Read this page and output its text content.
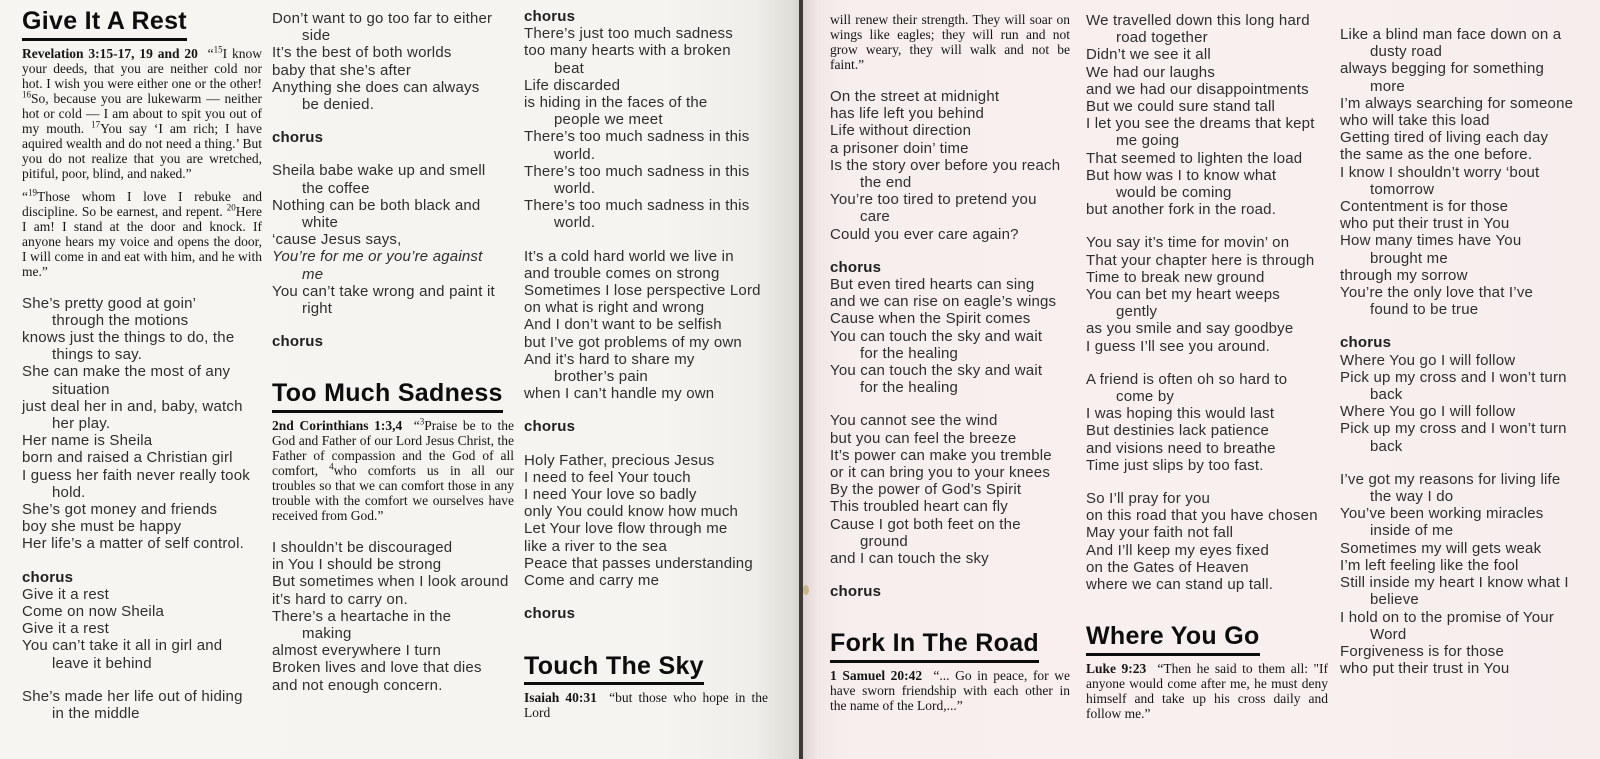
Give It A Rest

Revelation 3:15-17, 19 and 20 “$^{15}$I know your deeds, that you are neither cold nor hot. I wish you were either one or the other! $^{16}$So, because you are lukewarm — neither hot or cold — I am about to spit you out of my mouth. $^{17}$You say ‘I am rich; I have aquired wealth and do not need a thing.’ But you do not realize that you are wretched, pitiful, poor, blind, and naked.”

“$^{19}$Those whom I love I rebuke and discipline. So be earnest, and repent. $^{20}$Here I am! I stand at the door and knock. If anyone hears my voice and opens the door, I will come in and eat with him, and he with me.”

She’s pretty good at goin’
through the motions
knows just the things to do, the
things to say.
She can make the most of any
situation
just deal her in and, baby, watch
her play.
Her name is Sheila
born and raised a Christian girl
I guess her faith never really took
hold.
She’s got money and friends
boy she must be happy
Her life’s a matter of self control.
chorus
Give it a rest
Come on now Sheila
Give it a rest
You can’t take it all in girl and
leave it behind
She’s made her life out of hiding
in the middle
Don’t want to go too far to either
side
It’s the best of both worlds
baby that she’s after
Anything she does can always
be denied.
chorus
Sheila babe wake up and smell
the coffee
Nothing can be both black and
white
‘cause Jesus says,
You’re for me or you’re against
me
You can’t take wrong and paint it
right
chorus
Too Much Sadness

2nd Corinthians 1:3,4 “$^3$Praise be to the God and Father of our Lord Jesus Christ, the Father of compassion and the God of all comfort, $^4$who comforts us in all our troubles so that we can comfort those in any trouble with the comfort we ourselves have received from God.”

I shouldn’t be discouraged
in You I should be strong
But sometimes when I look around
it’s hard to carry on.
There’s a heartache in the
making
almost everywhere I turn
Broken lives and love that dies
and not enough concern.
chorus
There’s just too much sadness
too many hearts with a broken
beat
Life discarded
is hiding in the faces of the
people we meet
There’s too much sadness in this
world.
There’s too much sadness in this
world.
There’s too much sadness in this
world.
It’s a cold hard world we live in
and trouble comes on strong
Sometimes I lose perspective Lord
on what is right and wrong
And I don’t want to be selfish
but I’ve got problems of my own
And it’s hard to share my
brother’s pain
when I can’t handle my own
chorus
Holy Father, precious Jesus
I need to feel Your touch
I need Your love so badly
only You could know how much
Let Your love flow through me
like a river to the sea
Peace that passes understanding
Come and carry me
chorus
Touch The Sky

Isaiah 40:31 “but those who hope in the Lord

will renew their strength. They will soar on wings like eagles; they will run and not grow weary, they will walk and not be faint.”

On the street at midnight
has life left you behind
Life without direction
a prisoner doin’ time
Is the story over before you reach
the end
You’re too tired to pretend you
care
Could you ever care again?
chorus
But even tired hearts can sing
and we can rise on eagle’s wings
Cause when the Spirit comes
You can touch the sky and wait
for the healing
You can touch the sky and wait
for the healing
You cannot see the wind
but you can feel the breeze
It’s power can make you tremble
or it can bring you to your knees
By the power of God’s Spirit
This troubled heart can fly
Cause I got both feet on the
ground
and I can touch the sky
chorus
Fork In The Road

1 Samuel 20:42 “... Go in peace, for we have sworn friendship with each other in the name of the Lord,...”

We travelled down this long hard
road together
Didn’t we see it all
We had our laughs
and we had our disappointments
But we could sure stand tall
I let you see the dreams that kept
me going
That seemed to lighten the load
But how was I to know what
would be coming
but another fork in the road.
You say it’s time for movin’ on
That your chapter here is through
Time to break new ground
You can bet my heart weeps
gently
as you smile and say goodbye
I guess I’ll see you around.
A friend is often oh so hard to
come by
I was hoping this would last
But destinies lack patience
and visions need to breathe
Time just slips by too fast.
So I’ll pray for you
on this road that you have chosen
May your faith not fall
And I’ll keep my eyes fixed
on the Gates of Heaven
where we can stand up tall.
Where You Go

Luke 9:23 “Then he said to them all: "If anyone would come after me, he must deny himself and take up his cross daily and follow me.”

Like a blind man face down on a
dusty road
always begging for something
more
I’m always searching for someone
who will take this load
Getting tired of living each day
the same as the one before.
I know I shouldn’t worry ‘bout
tomorrow
Contentment is for those
who put their trust in You
How many times have You
brought me
through my sorrow
You’re the only love that I’ve
found to be true
chorus
Where You go I will follow
Pick up my cross and I won’t turn
back
Where You go I will follow
Pick up my cross and I won’t turn
back
I’ve got my reasons for living life
the way I do
You’ve been working miracles
inside of me
Sometimes my will gets weak
I’m left feeling like the fool
Still inside my heart I know what I
believe
I hold on to the promise of Your
Word
Forgiveness is for those
who put their trust in You
